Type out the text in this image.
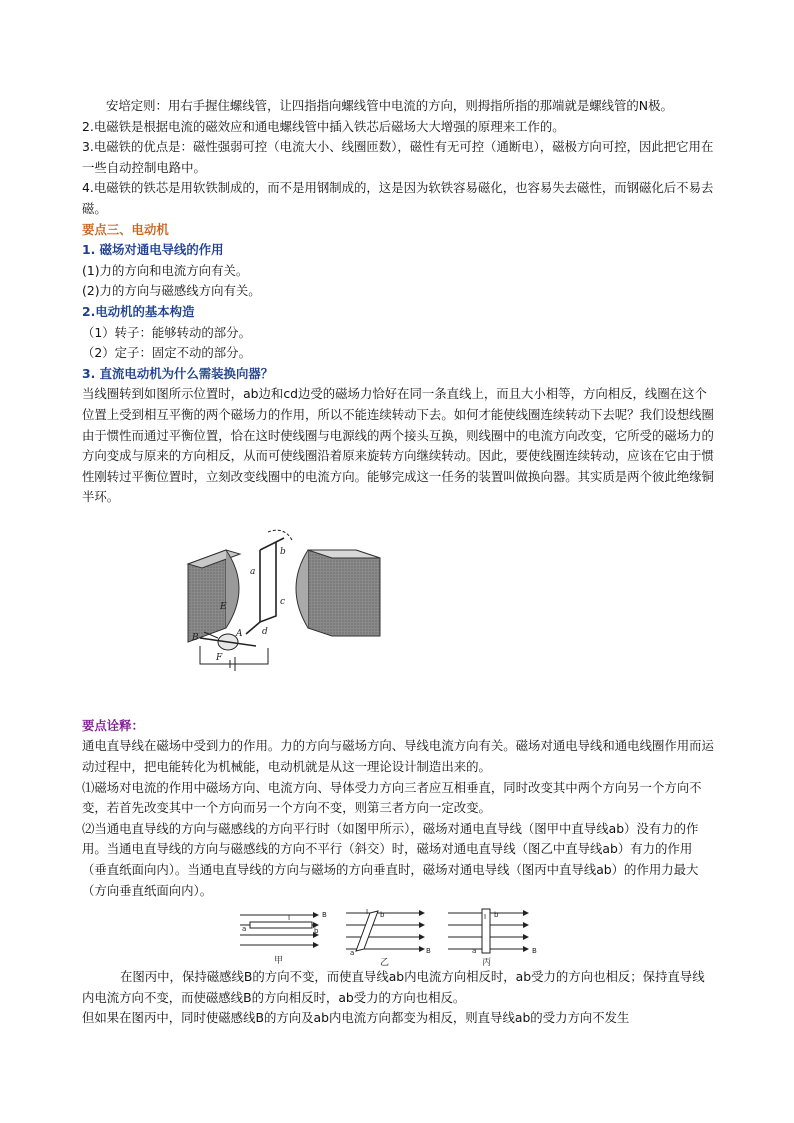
安培定则：用右手握住螺线管，让四指指向螺线管中电流的方向，则拇指所指的那端就是螺线管的N极。

2.电磁铁是根据电流的磁效应和通电螺线管中插入铁芯后磁场大大增强的原理来工作的。

3.电磁铁的优点是：磁性强弱可控（电流大小、线圈匝数），磁性有无可控（通断电），磁极方向可控，因此把它用在一些自动控制电路中。

4.电磁铁的铁芯是用软铁制成的，而不是用钢制成的，这是因为软铁容易磁化，也容易失去磁性，而钢磁化后不易去磁。

要点三、电动机

1. 磁场对通电导线的作用

(1)力的方向和电流方向有关。

(2)力的方向与磁感线方向有关。

2.电动机的基本构造

（1）转子：能够转动的部分。

（2）定子：固定不动的部分。

3. 直流电动机为什么需装换向器？

当线圈转到如图所示位置时，ab边和cd边受的磁场力恰好在同一条直线上，而且大小相等，方向相反，线圈在这个位置上受到相互平衡的两个磁场力的作用，所以不能连续转动下去。如何才能使线圈连续转动下去呢？我们设想线圈由于惯性而通过平衡位置，恰在这时使线圈与电源线的两个接头互换，则线圈中的电流方向改变，它所受的磁场力的方向变成与原来的方向相反，从而可使线圈沿着原来旋转方向继续转动。因此，要使线圈连续转动，应该在它由于惯性刚转过平衡位置时，立刻改变线圈中的电流方向。能够完成这一任务的装置叫做换向器。其实质是两个彼此绝缘铜半环。

E
B	A
F
a
b
c
d

要点诠释：

通电直导线在磁场中受到力的作用。力的方向与磁场方向、导线电流方向有关。磁场对通电导线和通电线圈作用而运动过程中，把电能转化为机械能，电动机就是从这一理论设计制造出来的。

⑴磁场对电流的作用中磁场方向、电流方向、导体受力方向三者应互相垂直，同时改变其中两个方向另一个方向不变，若首先改变其中一个方向而另一个方向不变，则第三者方向一定改变。

⑵当通电直导线的方向与磁感线的方向平行时（如图甲所示），磁场对通电直导线（图甲中直导线ab）没有力的作用。当通电直导线的方向与磁感线的方向不平行（斜交）时，磁场对通电直导线（图乙中直导线ab）有力的作用（垂直纸面向内）。当通电直导线的方向与磁场的方向垂直时，磁场对通电导线（图丙中直导线ab）的作用力最大（方向垂直纸面向内）。

a	b
I	B
甲
a
b
I
B
乙
a
b
I
B
丙

在图丙中，保持磁感线B的方向不变，而使直导线ab内电流方向相反时，ab受力的方向也相反；保持直导线内电流方向不变，而使磁感线B的方向相反时，ab受力的方向也相反。

但如果在图丙中，同时使磁感线B的方向及ab内电流方向都变为相反，则直导线ab的受力方向不发生
